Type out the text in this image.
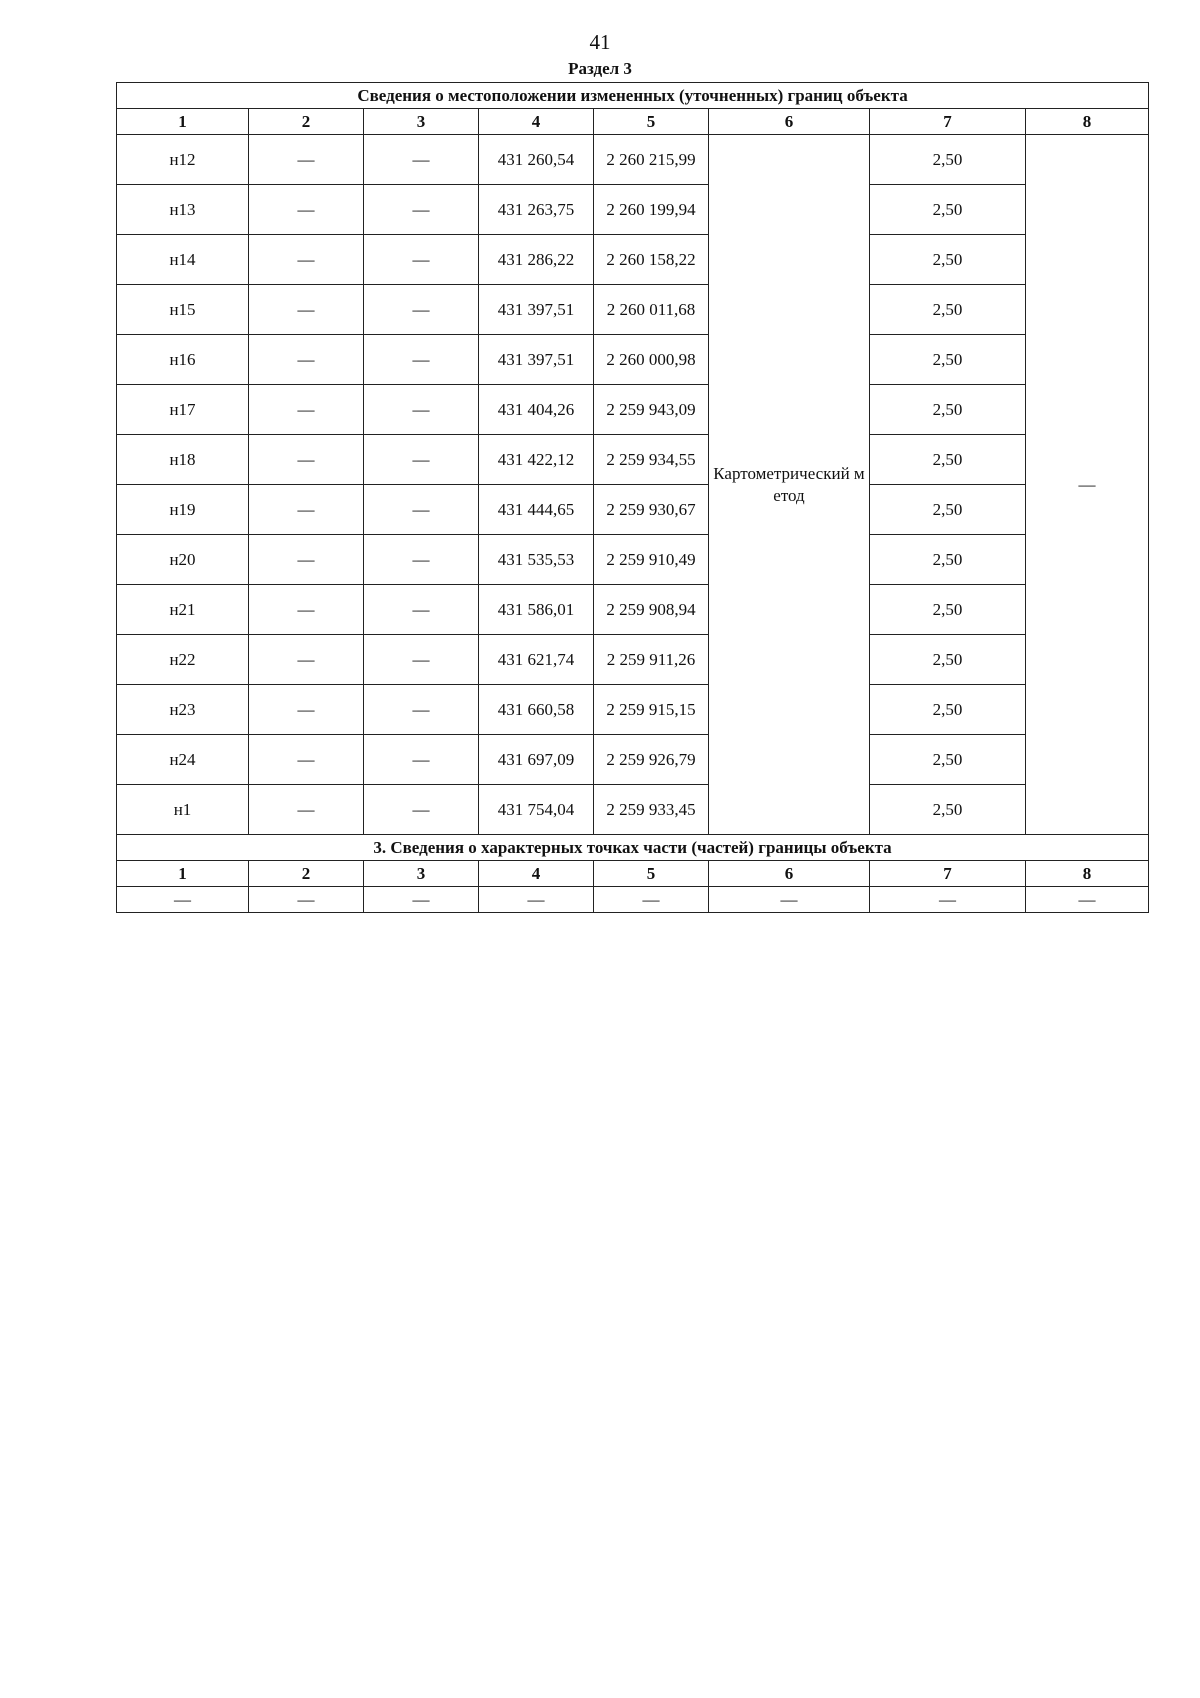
41
Раздел 3
Сведения о местоположении измененных (уточненных) границ объекта							
1	2	3	4	5	6	7	8
н12	—	—	431 260,54	2 260 215,99	Картометрический метод	2,50	—
н13	—	—	431 263,75	2 260 199,94		2,50	
н14	—	—	431 286,22	2 260 158,22		2,50	
н15	—	—	431 397,51	2 260 011,68		2,50	
н16	—	—	431 397,51	2 260 000,98		2,50	
н17	—	—	431 404,26	2 259 943,09		2,50	
н18	—	—	431 422,12	2 259 934,55		2,50	
н19	—	—	431 444,65	2 259 930,67		2,50	
н20	—	—	431 535,53	2 259 910,49		2,50	
н21	—	—	431 586,01	2 259 908,94		2,50	
н22	—	—	431 621,74	2 259 911,26		2,50	
н23	—	—	431 660,58	2 259 915,15		2,50	
н24	—	—	431 697,09	2 259 926,79		2,50	
н1	—	—	431 754,04	2 259 933,45		2,50	
3. Сведения о характерных точках части (частей) границы объекта							
1	2	3	4	5	6	7	8
—	—	—	—	—	—	—	—
